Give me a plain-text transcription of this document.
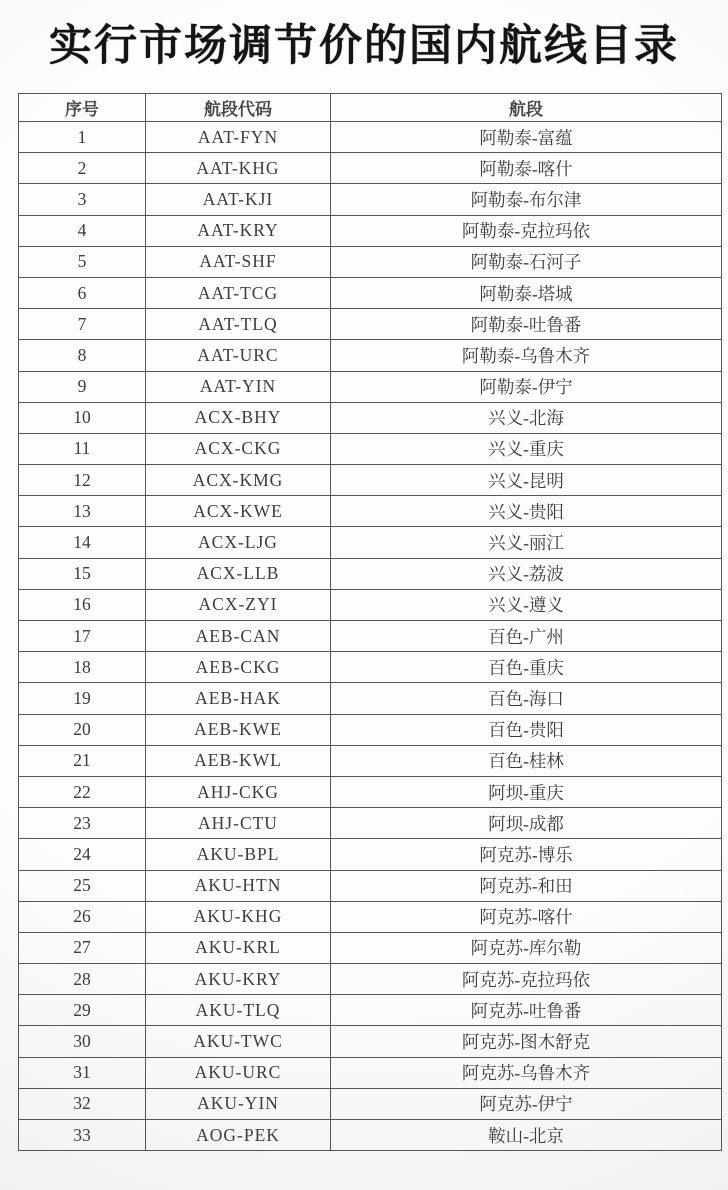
实行市场调节价的国内航线目录
序号	航段代码	航段
1	AAT-FYN	阿勒泰-富蕴
2	AAT-KHG	阿勒泰-喀什
3	AAT-KJI	阿勒泰-布尔津
4	AAT-KRY	阿勒泰-克拉玛依
5	AAT-SHF	阿勒泰-石河子
6	AAT-TCG	阿勒泰-塔城
7	AAT-TLQ	阿勒泰-吐鲁番
8	AAT-URC	阿勒泰-乌鲁木齐
9	AAT-YIN	阿勒泰-伊宁
10	ACX-BHY	兴义-北海
11	ACX-CKG	兴义-重庆
12	ACX-KMG	兴义-昆明
13	ACX-KWE	兴义-贵阳
14	ACX-LJG	兴义-丽江
15	ACX-LLB	兴义-荔波
16	ACX-ZYI	兴义-遵义
17	AEB-CAN	百色-广州
18	AEB-CKG	百色-重庆
19	AEB-HAK	百色-海口
20	AEB-KWE	百色-贵阳
21	AEB-KWL	百色-桂林
22	AHJ-CKG	阿坝-重庆
23	AHJ-CTU	阿坝-成都
24	AKU-BPL	阿克苏-博乐
25	AKU-HTN	阿克苏-和田
26	AKU-KHG	阿克苏-喀什
27	AKU-KRL	阿克苏-库尔勒
28	AKU-KRY	阿克苏-克拉玛依
29	AKU-TLQ	阿克苏-吐鲁番
30	AKU-TWC	阿克苏-图木舒克
31	AKU-URC	阿克苏-乌鲁木齐
32	AKU-YIN	阿克苏-伊宁
33	AOG-PEK	鞍山-北京
